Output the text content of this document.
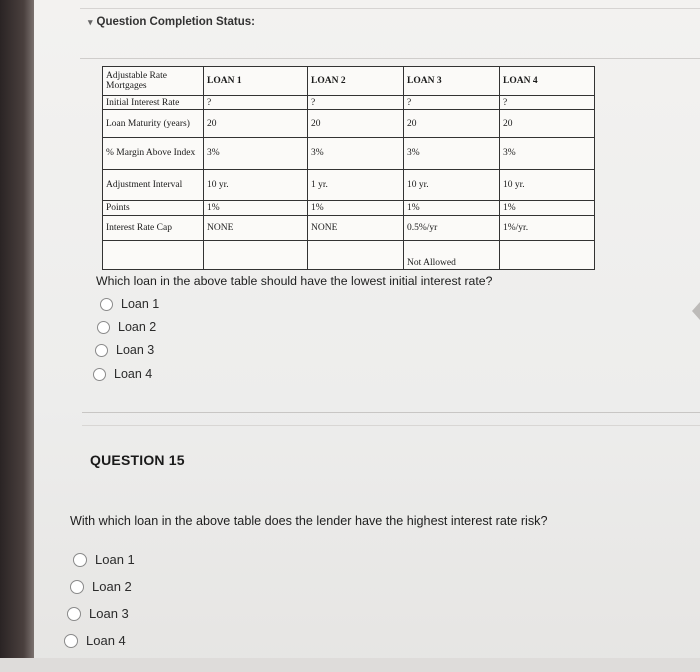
▾ Question Completion Status:
Adjustable Rate
Mortgages	LOAN 1	LOAN 2	LOAN 3	LOAN 4
Initial Interest Rate	?	?	?	?
Loan Maturity (years)	20	20	20	20
% Margin Above Index	3%	3%	3%	3%
Adjustment Interval	10 yr.	1 yr.	10 yr.	10 yr.
Points	1%	1%	1%	1%
Interest Rate Cap	NONE	NONE	0.5%/yr	1%/yr.
			Not Allowed	
Which loan in the above table should have the lowest initial interest rate?
Loan 1
Loan 2
Loan 3
Loan 4
QUESTION 15
With which loan in the above table does the lender have the highest interest rate risk?
Loan 1
Loan 2
Loan 3
Loan 4
